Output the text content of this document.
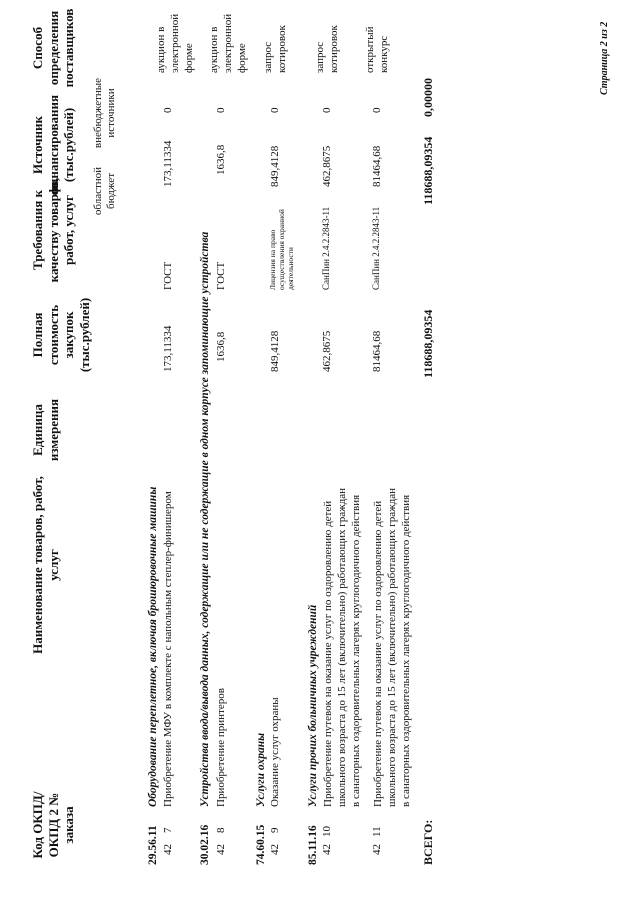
Код ОКПД/ ОКПД 2 № заказа
Наименование товаров, работ, услуг
Единица измерения
Полная стоимость закупок (тыс.рублей)
Требования к качеству товаров, работ, услуг
Источник финансирования (тыс.рублей)
областной бюджет
внебюджетные источники
Способ определения поставщиков
29.56.11
Оборудование переплетное, включая брошюровочные машины
42
7
Приобретение МФУ в комплекте с напольным степлер-финишером
173,11334
ГОСТ
173,11334
0
аукцион в электронной форме
30.02.16
Устройства ввода/вывода данных, содержащие или не содержащие в одном корпусе запоминающие устройства
42
8
Приобретение принтеров
1636,8
ГОСТ
1636,8
0
аукцион в электронной форме
74.60.15
Услуги охраны
42
9
Оказание услуг охраны
849,4128
Лицензия на право осуществления охранной деятельности
849,4128
0
запрос котировок
85.11.16
Услуги прочих больничных учреждений
42
10
Приобретение путевок на оказание услуг по оздоровлению детей школьного возраста до 15 лет (включительно) работающих граждан в санаторных оздоровительных лагерях круглогодичного действия
462,8675
СанПин 2.4.2.2843-11
462,8675
0
запрос котировок
42
11
Приобретение путевок на оказание услуг по оздоровлению детей школьного возраста до 15 лет (включительно) работающих граждан в санаторных оздоровительных лагерях круглогодичного действия
81464,68
СанПин 2.4.2.2843-11
81464,68
0
открытый конкурс
ВСЕГО:
118688,09354
118688,09354
0,00000
Страница 2 из 2
